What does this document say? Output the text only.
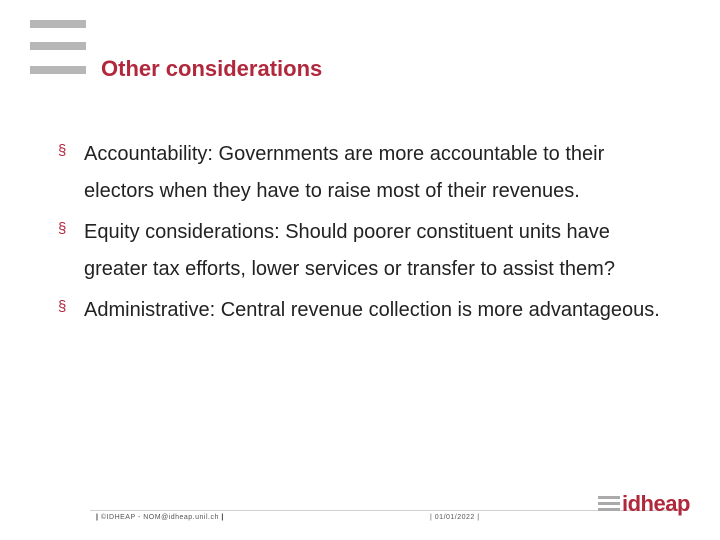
Other considerations
§ Accountability: Governments are more accountable to their electors when they have to raise most of their revenues.
§ Equity considerations: Should poorer constituent units have greater tax efforts, lower services or transfer to assist them?
§ Administrative: Central revenue collection is more advantageous.
| ©IDHEAP - NOM@idheap.unil.ch |	| 01/01/2022 |
idheap
